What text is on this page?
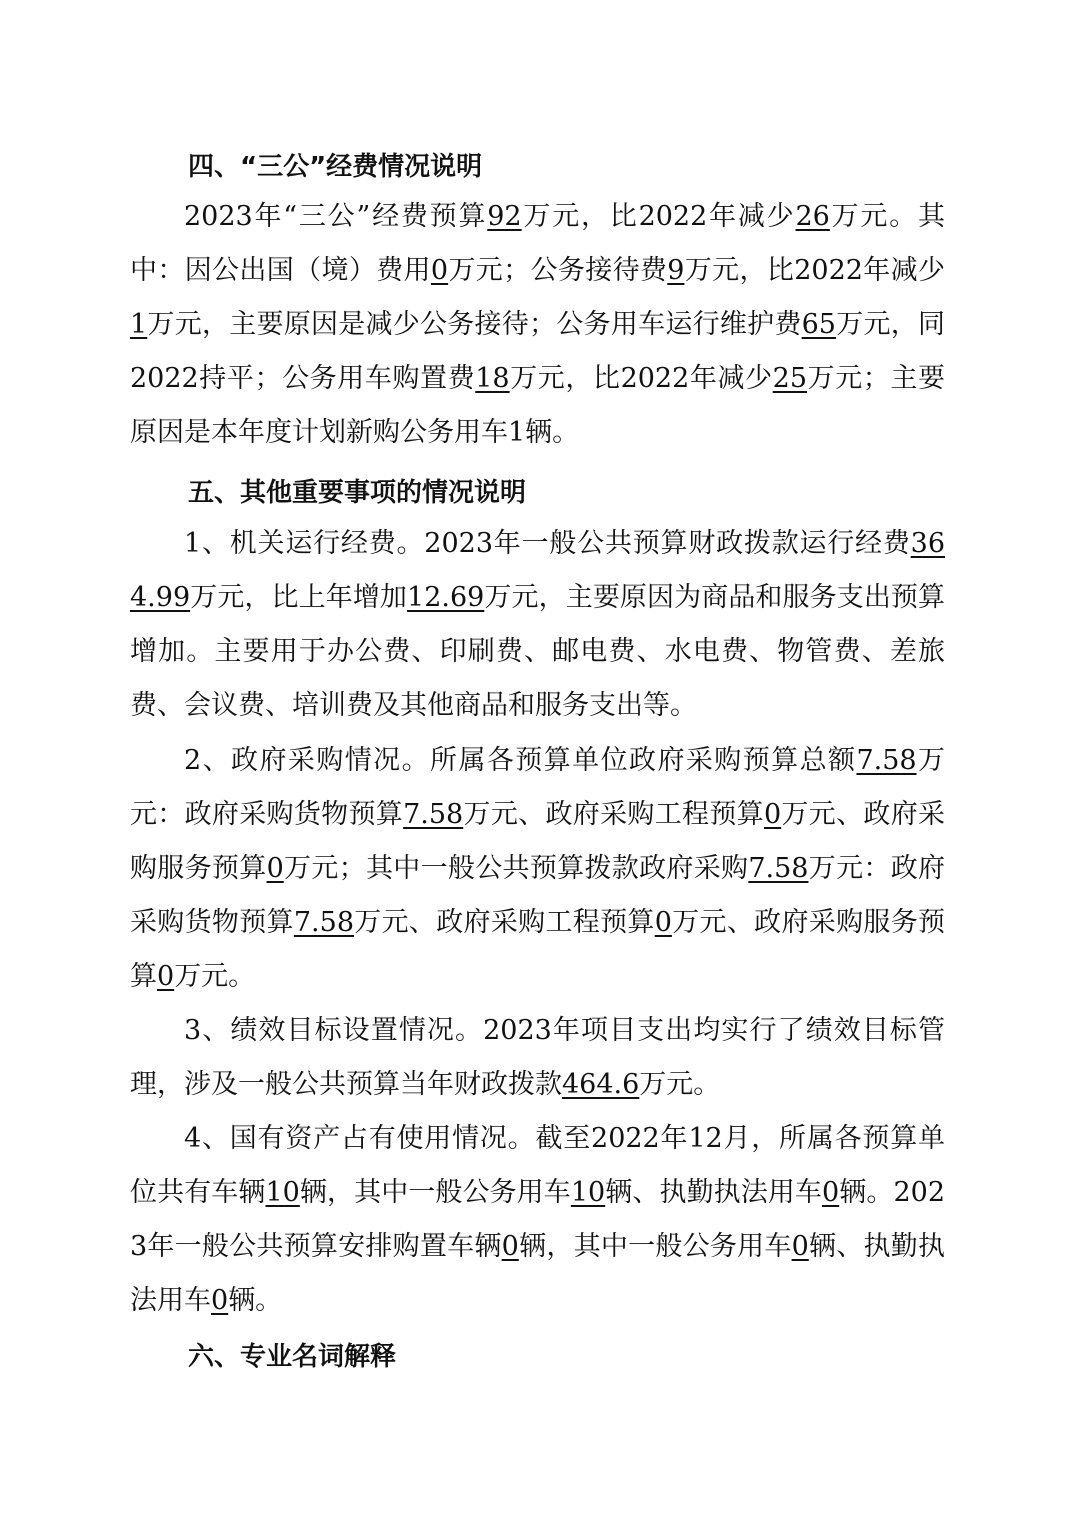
四、“三公”经费情况说明
2023年“三公”经费预算92万元，比2022年减少26万元。其中：因公出国（境）费用0万元；公务接待费9万元，比2022年减少1万元，主要原因是减少公务接待；公务用车运行维护费65万元，同2022持平；公务用车购置费18万元，比2022年减少25万元；主要原因是本年度计划新购公务用车1辆。
五、其他重要事项的情况说明
1、机关运行经费。2023年一般公共预算财政拨款运行经费364.99万元，比上年增加12.69万元，主要原因为商品和服务支出预算增加。主要用于办公费、印刷费、邮电费、水电费、物管费、差旅费、会议费、培训费及其他商品和服务支出等。
2、政府采购情况。所属各预算单位政府采购预算总额7.58万元：政府采购货物预算7.58万元、政府采购工程预算0万元、政府采购服务预算0万元；其中一般公共预算拨款政府采购7.58万元：政府采购货物预算7.58万元、政府采购工程预算0万元、政府采购服务预算0万元。
3、绩效目标设置情况。2023年项目支出均实行了绩效目标管理，涉及一般公共预算当年财政拨款464.6万元。
4、国有资产占有使用情况。截至2022年12月，所属各预算单位共有车辆10辆，其中一般公务用车10辆、执勤执法用车0辆。2023年一般公共预算安排购置车辆0辆，其中一般公务用车0辆、执勤执法用车0辆。
六、专业名词解释
